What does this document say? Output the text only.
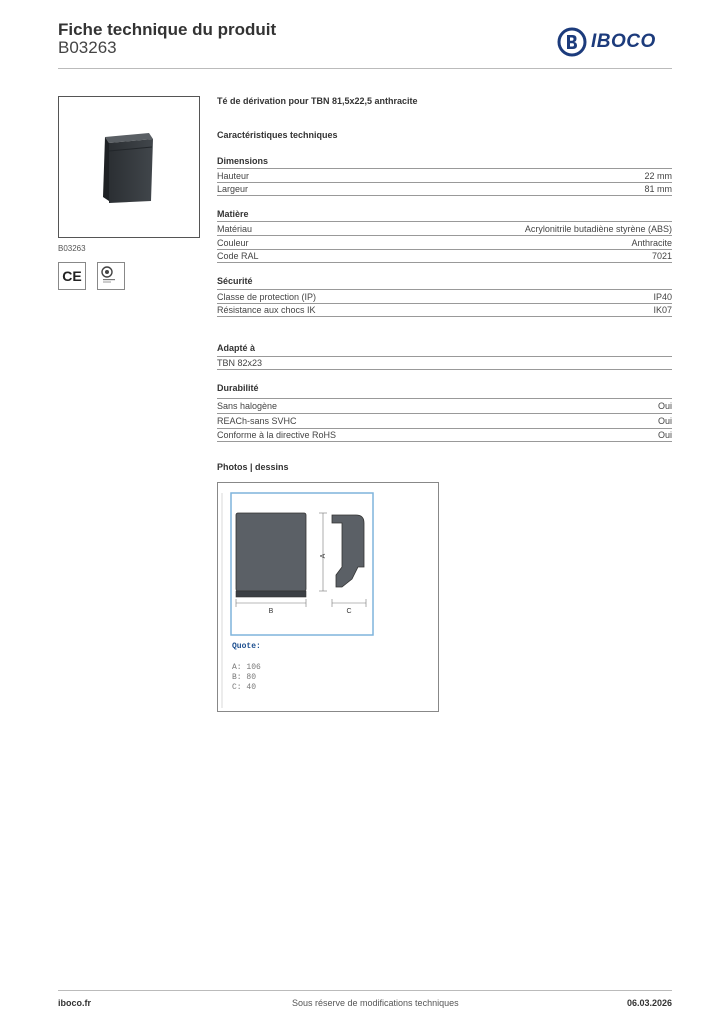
Fiche technique du produit
B03263	IBOCO
B03263
CE
Té de dérivation pour TBN 81,5x22,5 anthracite
Caractéristiques techniques
Dimensions
Hauteur	22 mm
Largeur	81 mm
Matière
Matériau	Acrylonitrile butadiène styrène (ABS)
Couleur	Anthracite
Code RAL	7021
Sécurité
Classe de protection (IP)	IP40
Résistance aux chocs IK	IK07
Adapté à
TBN 82x23
Durabilité
Sans halogène	Oui
REACh-sans SVHC	Oui
Conforme à la directive RoHS	Oui
Photos | dessins
B
A
C
Quote:
A: 106
B: 80
C: 40
iboco.fr	Sous réserve de modifications techniques	06.03.2026
